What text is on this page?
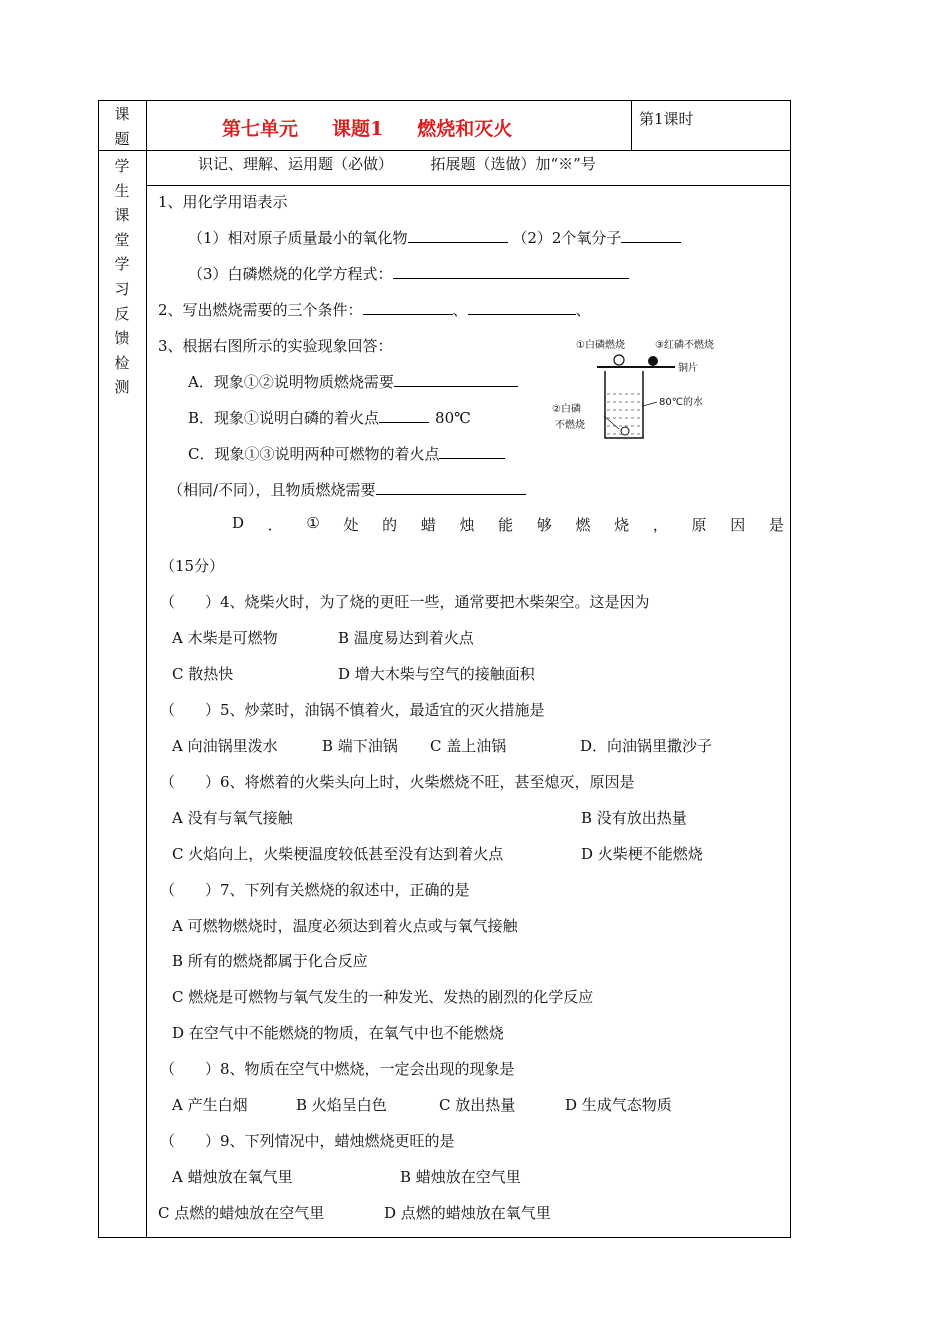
课
题
学
生
课
堂
学
习
反
馈
检
测
第七单元 课题1 燃烧和灭火	第1课时
识记、理解、运用题（必做）　　　拓展题（选做）加“※”号
1、用化学用语表示
（1）相对原子质量最小的氧化物	（2）2个氧分子
（3）白磷燃烧的化学方程式：
2、写出燃烧需要的三个条件：	、	、
3、根据右图所示的实验现象回答：
A．现象①②说明物质燃烧需要
B．现象①说明白磷的着火点	80℃
C．现象①③说明两种可燃物的着火点
（相同/不同），且物质燃烧需要
D ． ① 处 的 蜡 烛 能 够 燃 烧 ， 原 因 是
（15分）
①白磷燃烧	③红磷不燃烧
铜片
②白磷
不燃烧
80℃的水
（　　）4、烧柴火时，为了烧的更旺一些，通常要把木柴架空。这是因为
A 木柴是可燃物	B 温度易达到着火点
C 散热快	D 增大木柴与空气的接触面积
（　　）5、炒菜时，油锅不慎着火，最适宜的灭火措施是
A 向油锅里泼水	B 端下油锅 C 盖上油锅	D．向油锅里撒沙子
（　　）6、将燃着的火柴头向上时，火柴燃烧不旺，甚至熄灭，原因是
A 没有与氧气接触	B 没有放出热量
C 火焰向上，火柴梗温度较低甚至没有达到着火点	D 火柴梗不能燃烧
（　　）7、下列有关燃烧的叙述中，正确的是
A 可燃物燃烧时，温度必须达到着火点或与氧气接触
B 所有的燃烧都属于化合反应
C 燃烧是可燃物与氧气发生的一种发光、发热的剧烈的化学反应
D 在空气中不能燃烧的物质，在氧气中也不能燃烧
（　　）8、物质在空气中燃烧，一定会出现的现象是
A 产生白烟	B 火焰呈白色	C 放出热量	D 生成气态物质
（　　）9、下列情况中，蜡烛燃烧更旺的是
A 蜡烛放在氧气里	B 蜡烛放在空气里
C 点燃的蜡烛放在空气里	D 点燃的蜡烛放在氧气里
